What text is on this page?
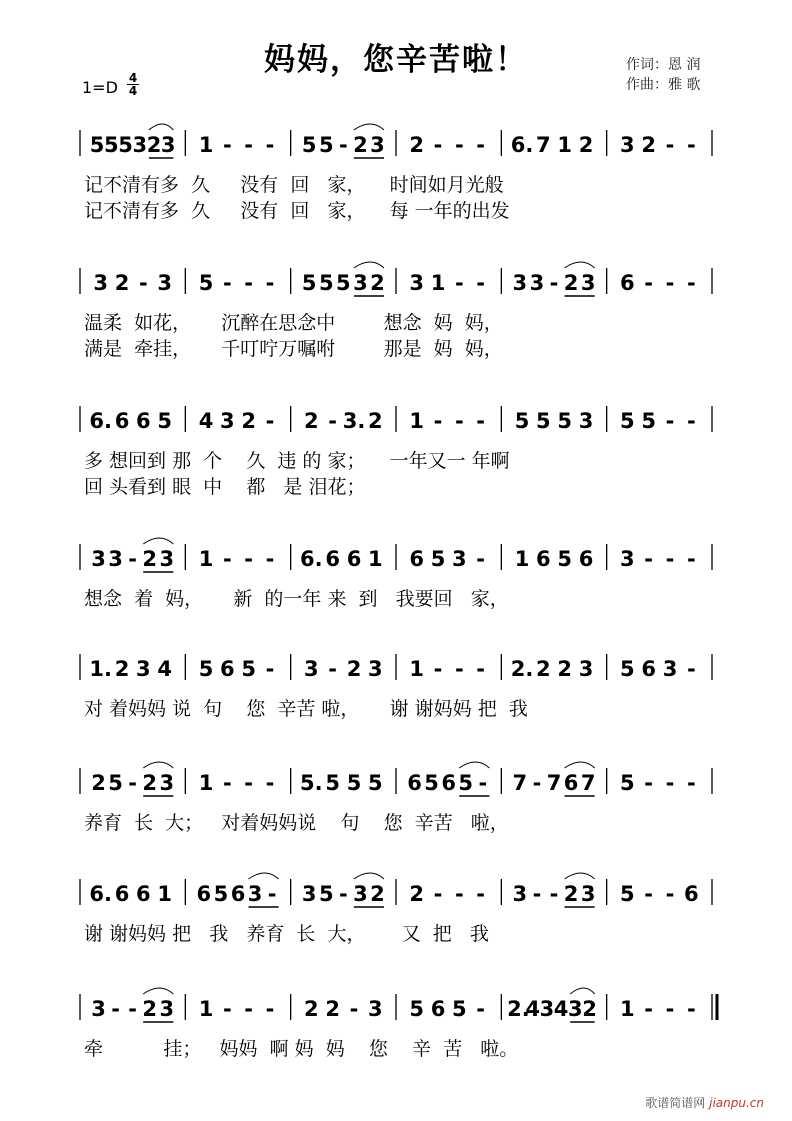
妈妈，您辛苦啦！	作词：恩 润
作曲：雅 歌
1=D 4
4
5 5 5 3 2 3 1 - - - 5 5 - 2 3 2 - - - 6. 7 1 2 3 2 - -
3 2 - 3 5 - - - 5 5 5 3 2 3 1 - - 3 3 - 2 3 6 - - -
6. 6 6 5 4 3 2 - 2 - 3. 2 1 - - - 5 5 5 3 5 5 - -
3 3 - 2 3 1 - - - 6. 6 6 1 6 5 3 - 1 6 5 6 3 - - -
1. 2 3 4 5 6 5 - 3 - 2 3 1 - - - 2. 2 2 3 5 6 3 -
2 5 - 2 3 1 - - - 5. 5 5 5 6 5 6 5 - 7 - 7 6 7 5 - - -
6. 6 6 1 6 5 6 3 - 3 5 - 3 2 2 - - - 3 - - 2 3 5 - - 6
3 - - 2 3 1 - - - 2 2 - 3 5 6 5 - 2.
4 3 4 3 2 1 - - -
记不清有多  久     没有  回   家，    时间如月光般
记不清有多  久     没有  回   家，    每 一年的出发
温柔  如花，     沉醉在思念中        想念  妈  妈，
满是  牵挂，     千叮咛万嘱咐        那是  妈  妈，
多 想回到 那  个    久  违 的 家；    一年又一 年啊
回 头看到 眼  中    都   是 泪花；
想念  着  妈，     新  的一年 来  到   我要回   家，
对 着妈妈 说  句    您  辛苦 啦，     谢 谢妈妈 把  我
养育  长  大；   对着妈妈说    句    您  辛苦   啦，
谢 谢妈妈 把   我   养育  长  大，      又  把   我
牵          挂；   妈妈  啊 妈  妈    您    辛  苦   啦。
歌谱简谱网 jianpu.cn
